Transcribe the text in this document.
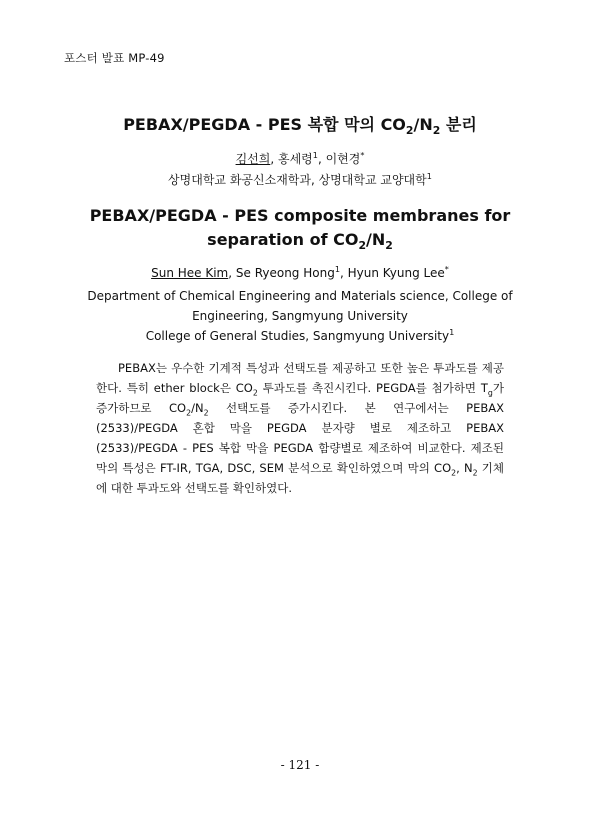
포스터 발표 MP-49
PEBAX/PEGDA - PES 복합 막의 $CO_2/N_2$ 분리
김선희, 홍세령$^1$, 이현경*
상명대학교 화공신소재학과, 상명대학교 교양대학$^1$
PEBAX/PEGDA - PES composite membranes for
separation of $CO_2/N_2$
Sun Hee Kim, Se Ryeong Hong$^1$, Hyun Kyung Lee*
Department of Chemical Engineering and Materials science, College of
Engineering, Sangmyung University
College of General Studies, Sangmyung University$^1$
PEBAX는 우수한 기계적 특성과 선택도를 제공하고 또한 높은 투과도를 제공한다. 특히 ether block은 $CO_2$ 투과도를 촉진시킨다. PEGDA를 첨가하면 $T_g$가 증가하므로 $CO_2/N_2$ 선택도를 증가시킨다. 본 연구에서는 PEBAX (2533)/PEGDA 혼합 막을 PEGDA 분자량 별로 제조하고 PEBAX (2533)/PEGDA - PES 복합 막을 PEGDA 함량별로 제조하여 비교한다. 제조된 막의 특성은 FT-IR, TGA, DSC, SEM 분석으로 확인하였으며 막의 $CO_2$, $N_2$ 기체에 대한 투과도와 선택도를 확인하였다.
- 121 -
